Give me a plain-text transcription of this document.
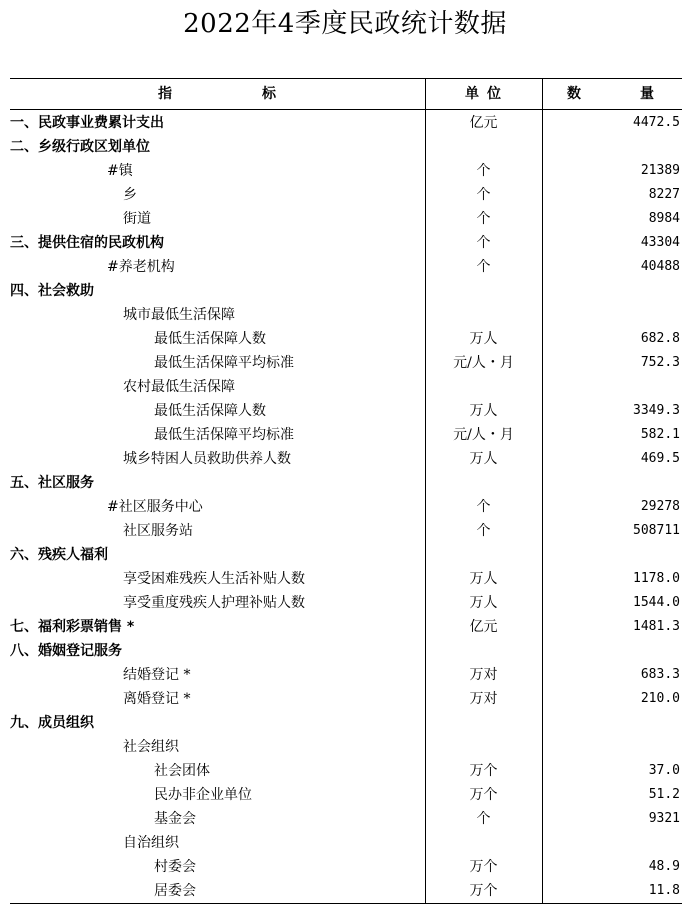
2022年4季度民政统计数据
指	标	单位	数	量
一、民政事业费累计支出	亿元	4472.5
二、乡级行政区划单位
#镇	个	21389
乡	个	8227
街道	个	8984
三、提供住宿的民政机构	个	43304
#养老机构	个	40488
四、社会救助
城市最低生活保障
最低生活保障人数	万人	682.8
最低生活保障平均标准	元/人・月	752.3
农村最低生活保障
最低生活保障人数	万人	3349.3
最低生活保障平均标准	元/人・月	582.1
城乡特困人员救助供养人数	万人	469.5
五、社区服务
#社区服务中心	个	29278
社区服务站	个	508711
六、残疾人福利
享受困难残疾人生活补贴人数	万人	1178.0
享受重度残疾人护理补贴人数	万人	1544.0
七、福利彩票销售 *	亿元	1481.3
八、婚姻登记服务
结婚登记 *	万对	683.3
离婚登记 *	万对	210.0
九、成员组织
社会组织
社会团体	万个	37.0
民办非企业单位	万个	51.2
基金会	个	9321
自治组织
村委会	万个	48.9
居委会	万个	11.8
